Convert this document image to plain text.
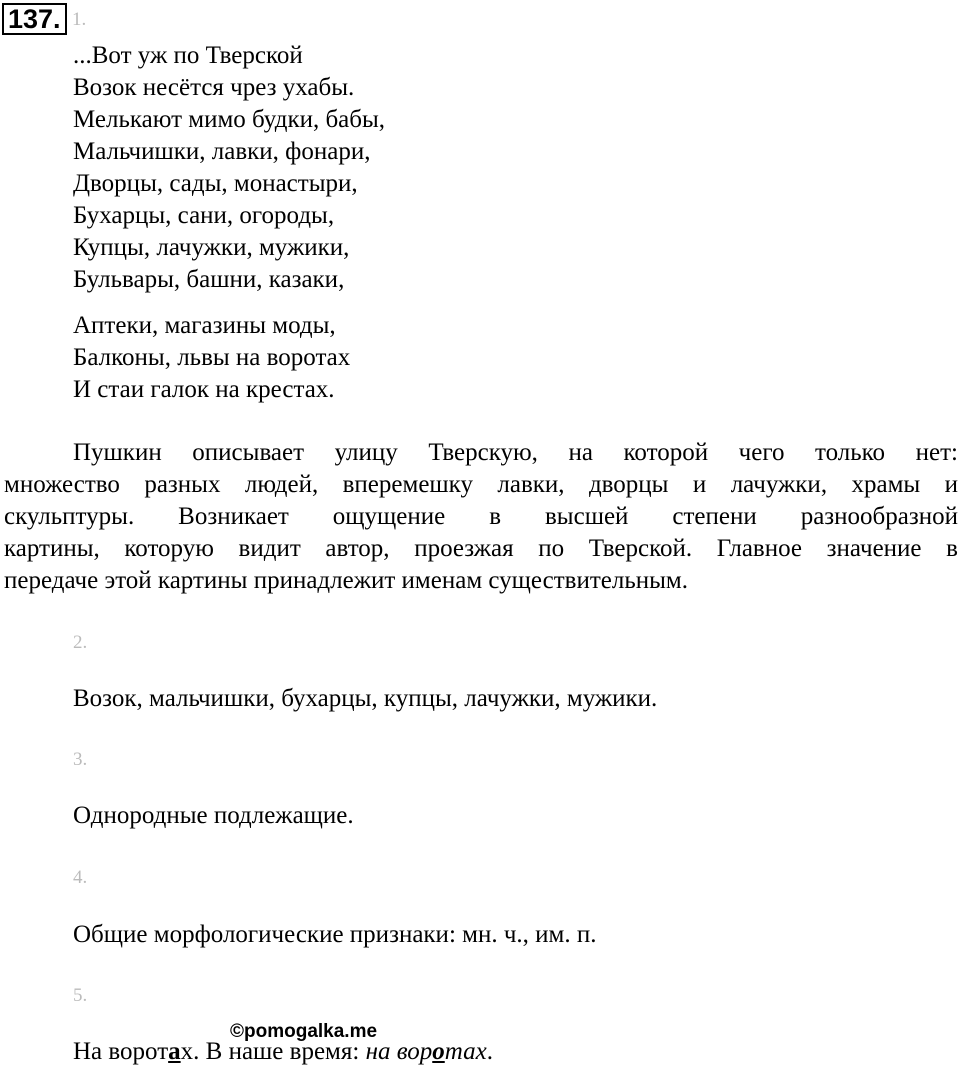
137. 1.
...Вот уж по Тверской
Возок несётся чрез ухабы.
Мелькают мимо будки, бабы,
Мальчишки, лавки, фонари,
Дворцы, сады, монастыри,
Бухарцы, сани, огороды,
Купцы, лачужки, мужики,
Бульвары, башни, казаки,
Аптеки, магазины моды,
Балконы, львы на воротах
И стаи галок на крестах.
Пушкин описывает улицу Тверскую, на которой чего только нет:
множество разных людей, вперемешку лавки, дворцы и лачужки, храмы и
скульптуры. Возникает ощущение в высшей степени разнообразной
картины, которую видит автор, проезжая по Тверской. Главное значение в
передаче этой картины принадлежит именам существительным.
2.
Возок, мальчишки, бухарцы, купцы, лачужки, мужики.
3.
Однородные подлежащие.
4.
Общие морфологические признаки: мн. ч., им. п.
5.
©pomogalka.me
На воротах. В наше время: на воротах.
